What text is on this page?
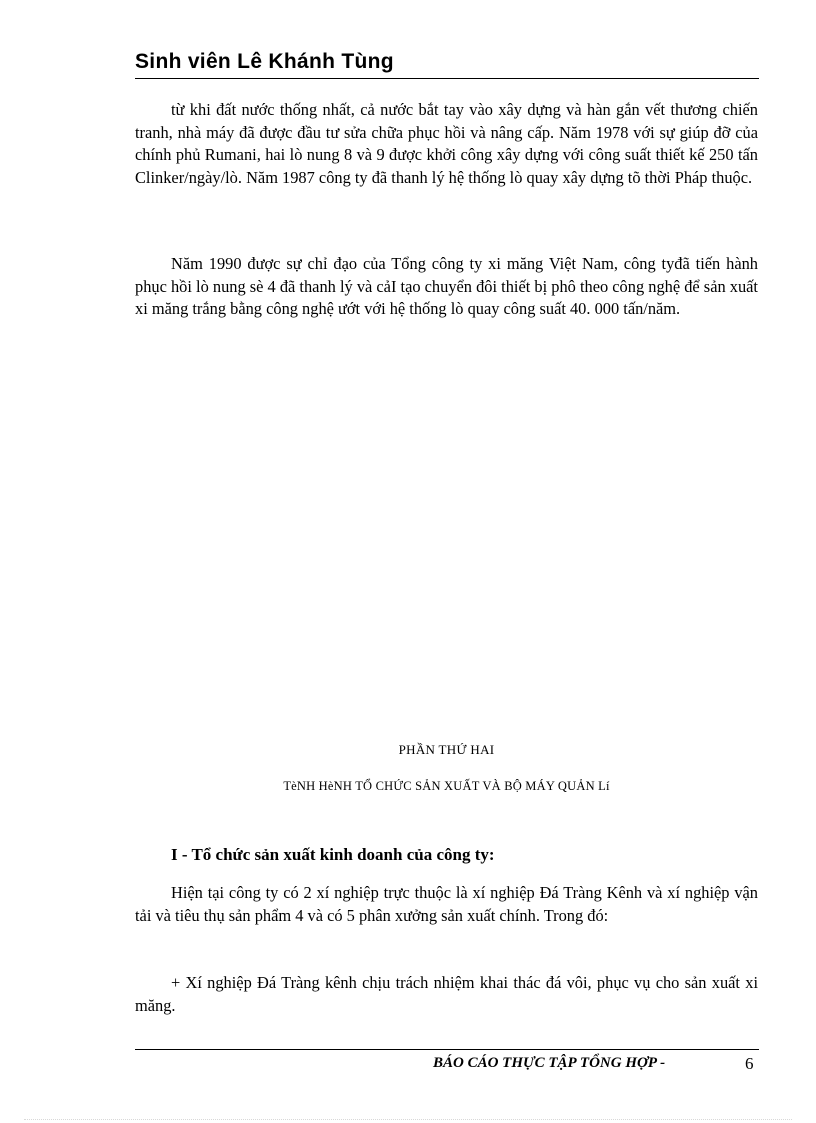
Sinh viên Lê Khánh Tùng

từ khi đất nước thống nhất, cả nước bắt tay vào xây dựng và hàn gắn vết thương chiến tranh, nhà máy đã được đầu tư sửa chữa phục hồi và nâng cấp. Năm 1978 với sự giúp đỡ của chính phủ Rumani, hai lò nung 8 và 9 được khởi công xây dựng với công suất thiết kế 250 tấn Clinker/ngày/lò. Năm 1987 công ty đã thanh lý hệ thống lò quay xây dựng tõ thời Pháp thuộc.

Năm 1990 được sự chỉ đạo của Tổng công ty xi măng Việt Nam, công tyđã tiến hành phục hồi lò nung sè 4 đã thanh lý và cảI tạo chuyển đôi thiết bị phô theo công nghệ để sản xuất xi măng trắng bằng công nghệ ướt với hệ thống lò quay công suất 40. 000 tấn/năm.

PHẦN THỨ HAI

TèNH HèNH TỔ CHỨC SẢN XUẤT VÀ BỘ MÁY QUẢN Lí

I - Tổ chức sản xuất kinh doanh của công ty:

Hiện tại công ty có 2 xí nghiệp trực thuộc là xí nghiệp Đá Tràng Kênh và xí nghiệp vận tải và tiêu thụ sản phẩm 4 và có 5 phân xưởng sản xuất chính. Trong đó:

+ Xí nghiệp Đá Tràng kênh chịu trách nhiệm khai thác đá vôi, phục vụ cho sản xuất xi măng.

BÁO CÁO THỰC TẬP TỔNG HỢP -	6
